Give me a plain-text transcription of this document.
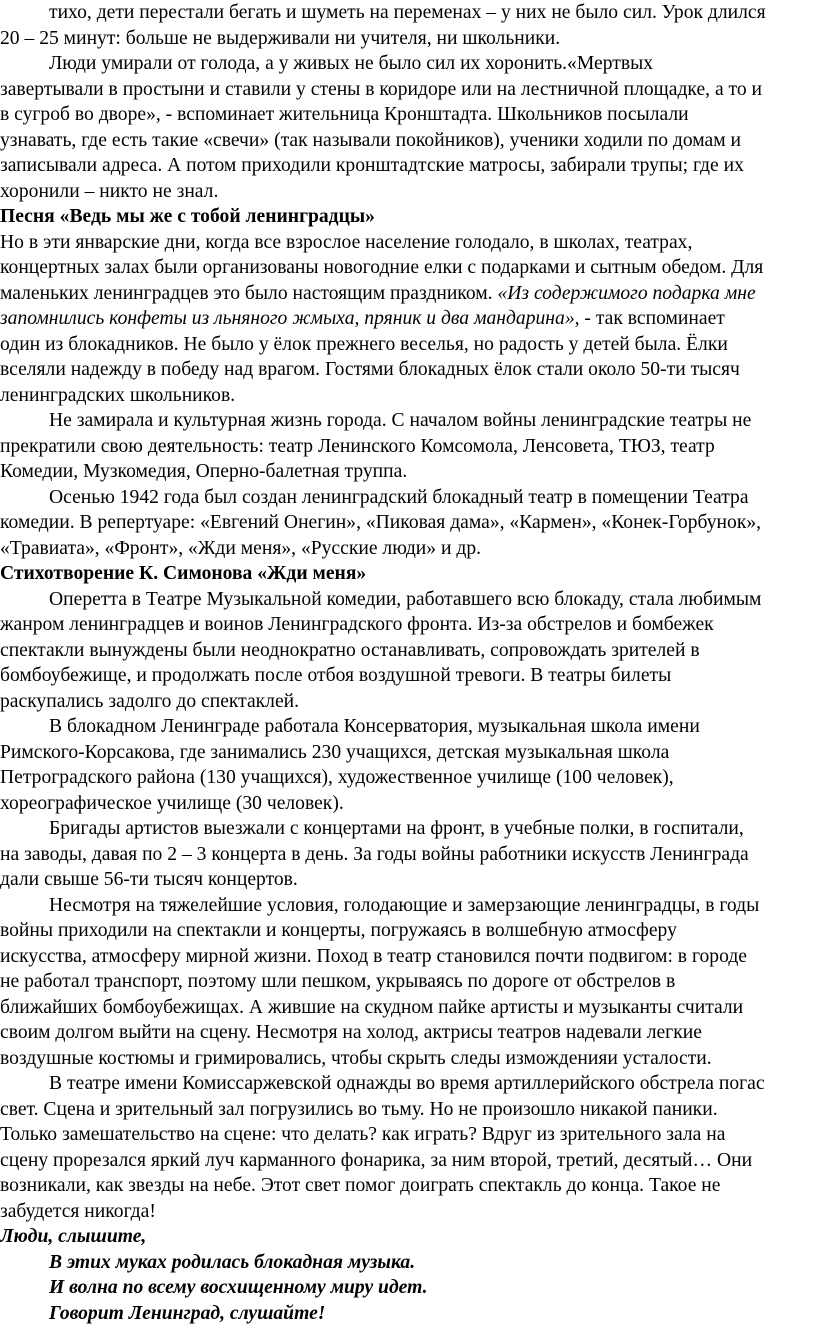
тихо, дети перестали бегать и шуметь на переменах – у них не было сил. Урок длился
20 – 25 минут: больше не выдерживали ни учителя, ни школьники.

Люди умирали от голода, а у живых не было сил их хоронить.«Мертвых
завертывали в простыни и ставили у стены в коридоре или на лестничной площадке, а то и
в сугроб во дворе», - вспоминает жительница Кронштадта. Школьников посылали
узнавать, где есть такие «свечи» (так называли покойников), ученики ходили по домам и
записывали адреса. А потом приходили кронштадтские матросы, забирали трупы; где их
хоронили – никто не знал.

Песня «Ведь мы же с тобой ленинградцы»

Но в эти январские дни, когда все взрослое население голодало, в школах, театрах,
концертных залах были организованы новогодние елки с подарками и сытным обедом. Для
маленьких ленинградцев это было настоящим праздником. «Из содержимого подарка мне
запомнились конфеты из льняного жмыха, пряник и два мандарина», - так вспоминает
один из блокадников. Не было у ёлок прежнего веселья, но радость у детей была. Ёлки
вселяли надежду в победу над врагом. Гостями блокадных ёлок стали около 50-ти тысяч
ленинградских школьников.

Не замирала и культурная жизнь города. С началом войны ленинградские театры не
прекратили свою деятельность: театр Ленинского Комсомола, Ленсовета, ТЮЗ, театр
Комедии, Музкомедия, Оперно-балетная труппа.

Осенью 1942 года был создан ленинградский блокадный театр в помещении Театра
комедии. В репертуаре: «Евгений Онегин», «Пиковая дама», «Кармен», «Конек-Горбунок»,
«Травиата», «Фронт», «Жди меня», «Русские люди» и др.

Стихотворение К. Симонова «Жди меня»

Оперетта в Театре Музыкальной комедии, работавшего всю блокаду, стала любимым
жанром ленинградцев и воинов Ленинградского фронта. Из-за обстрелов и бомбежек
спектакли вынуждены были неоднократно останавливать, сопровождать зрителей в
бомбоубежище, и продолжать после отбоя воздушной тревоги. В театры билеты
раскупались задолго до спектаклей.

В блокадном Ленинграде работала Консерватория, музыкальная школа имени
Римского-Корсакова, где занимались 230 учащихся, детская музыкальная школа
Петроградского района (130 учащихся), художественное училище (100 человек),
хореографическое училище (30 человек).

Бригады артистов выезжали с концертами на фронт, в учебные полки, в госпитали,
на заводы, давая по 2 – 3 концерта в день. За годы войны работники искусств Ленинграда
дали свыше 56-ти тысяч концертов.

Несмотря на тяжелейшие условия, голодающие и замерзающие ленинградцы, в годы
войны приходили на спектакли и концерты, погружаясь в волшебную атмосферу
искусства, атмосферу мирной жизни. Поход в театр становился почти подвигом: в городе
не работал транспорт, поэтому шли пешком, укрываясь по дороге от обстрелов в
ближайших бомбоубежищах. А жившие на скудном пайке артисты и музыканты считали
своим долгом выйти на сцену. Несмотря на холод, актрисы театров надевали легкие
воздушные костюмы и гримировались, чтобы скрыть следы изможденияи усталости.

В театре имени Комиссаржевской однажды во время артиллерийского обстрела погас
свет. Сцена и зрительный зал погрузились во тьму. Но не произошло никакой паники.
Только замешательство на сцене: что делать? как играть? Вдруг из зрительного зала на
сцену прорезался яркий луч карманного фонарика, за ним второй, третий, десятый… Они
возникали, как звезды на небе. Этот свет помог доиграть спектакль до конца. Такое не
забудется никогда!

Люди, слышите,
В этих муках родилась блокадная музыка.
И волна по всему восхищенному миру идет.
Говорит Ленинград, слушайте!
